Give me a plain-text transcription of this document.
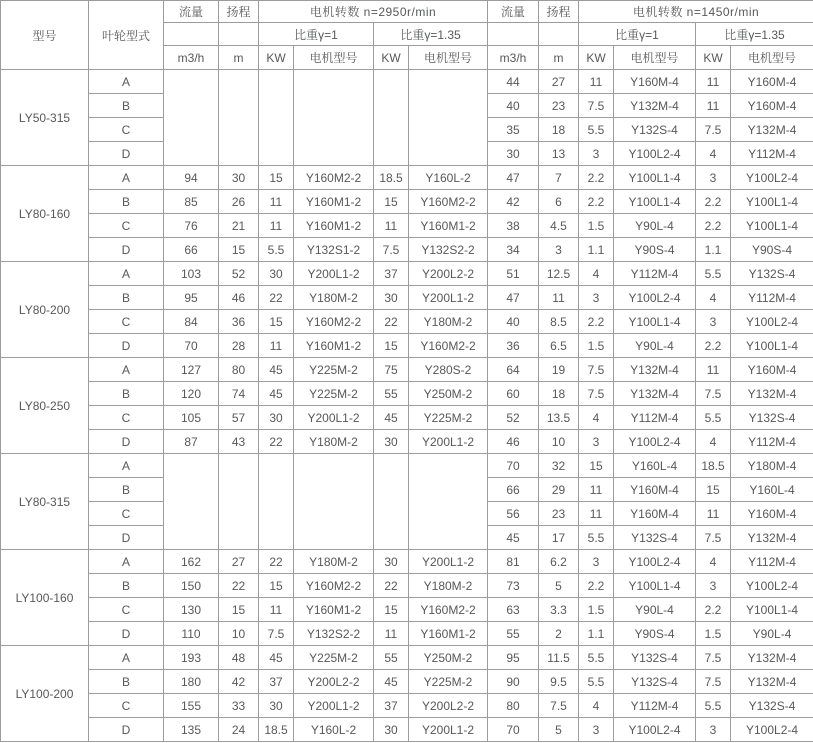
型号	叶轮型式	流量	扬程	电机转数 n=2950r/min				流量	扬程	电机转数 n=1450r/min			
				比重γ=1		比重γ=1.35				比重γ=1		比重γ=1.35	
		m3/h	m	KW	电机型号	KW	电机型号	m3/h	m	KW	电机型号	KW	电机型号
LY50-315	A							44	27	11	Y160M-4	11	Y160M-4
	B							40	23	7.5	Y132M-4	11	Y160M-4
	C							35	18	5.5	Y132S-4	7.5	Y132M-4
	D							30	13	3	Y100L2-4	4	Y112M-4
LY80-160	A	94	30	15	Y160M2-2	18.5	Y160L-2	47	7	2.2	Y100L1-4	3	Y100L2-4
	B	85	26	11	Y160M1-2	15	Y160M2-2	42	6	2.2	Y100L1-4	2.2	Y100L1-4
	C	76	21	11	Y160M1-2	11	Y160M1-2	38	4.5	1.5	Y90L-4	2.2	Y100L1-4
	D	66	15	5.5	Y132S1-2	7.5	Y132S2-2	34	3	1.1	Y90S-4	1.1	Y90S-4
LY80-200	A	103	52	30	Y200L1-2	37	Y200L2-2	51	12.5	4	Y112M-4	5.5	Y132S-4
	B	95	46	22	Y180M-2	30	Y200L1-2	47	11	3	Y100L2-4	4	Y112M-4
	C	84	36	15	Y160M2-2	22	Y180M-2	40	8.5	2.2	Y100L1-4	3	Y100L2-4
	D	70	28	11	Y160M1-2	15	Y160M2-2	36	6.5	1.5	Y90L-4	2.2	Y100L1-4
LY80-250	A	127	80	45	Y225M-2	75	Y280S-2	64	19	7.5	Y132M-4	11	Y160M-4
	B	120	74	45	Y225M-2	55	Y250M-2	60	18	7.5	Y132M-4	7.5	Y132M-4
	C	105	57	30	Y200L1-2	45	Y225M-2	52	13.5	4	Y112M-4	5.5	Y132S-4
	D	87	43	22	Y180M-2	30	Y200L1-2	46	10	3	Y100L2-4	4	Y112M-4
LY80-315	A							70	32	15	Y160L-4	18.5	Y180M-4
	B							66	29	11	Y160M-4	15	Y160L-4
	C							56	23	11	Y160M-4	11	Y160M-4
	D							45	17	5.5	Y132S-4	7.5	Y132M-4
LY100-160	A	162	27	22	Y180M-2	30	Y200L1-2	81	6.2	3	Y100L2-4	4	Y112M-4
	B	150	22	15	Y160M2-2	22	Y180M-2	73	5	2.2	Y100L1-4	3	Y100L2-4
	C	130	15	11	Y160M1-2	15	Y160M2-2	63	3.3	1.5	Y90L-4	2.2	Y100L1-4
	D	110	10	7.5	Y132S2-2	11	Y160M1-2	55	2	1.1	Y90S-4	1.5	Y90L-4
LY100-200	A	193	48	45	Y225M-2	55	Y250M-2	95	11.5	5.5	Y132S-4	7.5	Y132M-4
	B	180	42	37	Y200L2-2	45	Y225M-2	90	9.5	5.5	Y132S-4	7.5	Y132M-4
	C	155	33	30	Y200L1-2	37	Y200L2-2	80	7.5	4	Y112M-4	5.5	Y132S-4
	D	135	24	18.5	Y160L-2	30	Y200L1-2	70	5	3	Y100L2-4	3	Y100L2-4
